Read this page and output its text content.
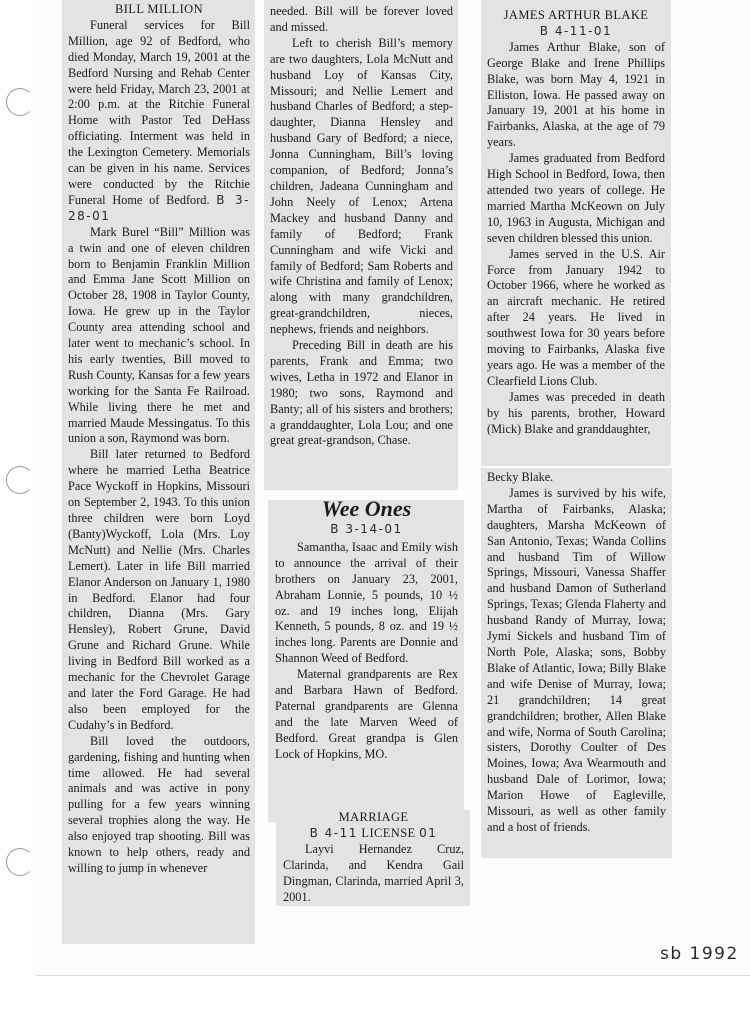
BILL MILLION

Funeral services for Bill Million, age 92 of Bedford, who died Monday, March 19, 2001 at the Bedford Nursing and Rehab Center were held Friday, March 23, 2001 at 2:00 p.m. at the Ritchie Funeral Home with Pastor Ted DeHass officiating. Interment was held in the Lexington Cemetery. Memorials can be given in his name. Services were conducted by the Ritchie Funeral Home of Bedford. B 3-28-01

Mark Burel “Bill” Million was a twin and one of eleven children born to Benjamin Franklin Million and Emma Jane Scott Million on October 28, 1908 in Taylor County, Iowa. He grew up in the Taylor County area attending school and later went to mechanic’s school. In his early twenties, Bill moved to Rush County, Kansas for a few years working for the Santa Fe Railroad. While living there he met and married Maude Messingatus. To this union a son, Raymond was born.

Bill later returned to Bedford where he married Letha Beatrice Pace Wyckoff in Hopkins, Missouri on September 2, 1943. To this union three children were born Loyd (Banty)Wyckoff, Lola (Mrs. Loy McNutt) and Nellie (Mrs. Charles Lemert). Later in life Bill married Elanor Anderson on January 1, 1980 in Bedford. Elanor had four children, Dianna (Mrs. Gary Hensley), Robert Grune, David Grune and Richard Grune. While living in Bedford Bill worked as a mechanic for the Chevrolet Garage and later the Ford Garage. He had also been employed for the Cudahy’s in Bedford.

Bill loved the outdoors, gardening, fishing and hunting when time allowed. He had several animals and was active in pony pulling for a few years winning several trophies along the way. He also enjoyed trap shooting. Bill was known to help others, ready and willing to jump in whenever

needed. Bill will be forever loved and missed.

Left to cherish Bill’s memory are two daughters, Lola McNutt and husband Loy of Kansas City, Missouri; and Nellie Lemert and husband Charles of Bedford; a step-daughter, Dianna Hensley and husband Gary of Bedford; a niece, Jonna Cunningham, Bill’s loving companion, of Bedford; Jonna’s children, Jadeana Cunningham and John Neely of Lenox; Artena Mackey and husband Danny and family of Bedford; Frank Cunningham and wife Vicki and family of Bedford; Sam Roberts and wife Christina and family of Lenox; along with many grandchildren, great-grandchildren, nieces, nephews, friends and neighbors.

Preceding Bill in death are his parents, Frank and Emma; two wives, Letha in 1972 and Elanor in 1980; two sons, Raymond and Banty; all of his sisters and brothers; a granddaughter, Lola Lou; and one great great-grandson, Chase.

Wee Ones

B 3-14-01

Samantha, Isaac and Emily wish to announce the arrival of their brothers on January 23, 2001, Abraham Lonnie, 5 pounds, 10 ½ oz. and 19 inches long, Elijah Kenneth, 5 pounds, 8 oz. and 19 ½ inches long. Parents are Donnie and Shannon Weed of Bedford.

Maternal grandparents are Rex and Barbara Hawn of Bedford. Paternal grandparents are Glenna and the late Marven Weed of Bedford. Great grandpa is Glen Lock of Hopkins, MO.

MARRIAGE

B 4-11 LICENSE 01

Layvi Hernandez Cruz, Clarinda, and Kendra Gail Dingman, Clarinda, married April 3, 2001.

JAMES ARTHUR BLAKE

B 4-11-01

James Arthur Blake, son of George Blake and Irene Phillips Blake, was born May 4, 1921 in Elliston, Iowa. He passed away on January 19, 2001 at his home in Fairbanks, Alaska, at the age of 79 years.

James graduated from Bedford High School in Bedford, Iowa, then attended two years of college. He married Martha McKeown on July 10, 1963 in Augusta, Michigan and seven children blessed this union.

James served in the U.S. Air Force from January 1942 to October 1966, where he worked as an aircraft mechanic. He retired after 24 years. He lived in southwest Iowa for 30 years before moving to Fairbanks, Alaska five years ago. He was a member of the Clearfield Lions Club.

James was preceded in death by his parents, brother, Howard (Mick) Blake and granddaughter,

Becky Blake.

James is survived by his wife, Martha of Fairbanks, Alaska; daughters, Marsha McKeown of San Antonio, Texas; Wanda Collins and husband Tim of Willow Springs, Missouri, Vanessa Shaffer and husband Damon of Sutherland Springs, Texas; Glenda Flaherty and husband Randy of Murray, Iowa; Jymi Sickels and husband Tim of North Pole, Alaska; sons, Bobby Blake of Atlantic, Iowa; Billy Blake and wife Denise of Murray, Iowa; 21 grandchildren; 14 great grandchildren; brother, Allen Blake and wife, Norma of South Carolina; sisters, Dorothy Coulter of Des Moines, Iowa; Ava Wearmouth and husband Dale of Lorimor, Iowa; Marion Howe of Eagleville, Missouri, as well as other family and a host of friends.

sb 1992
